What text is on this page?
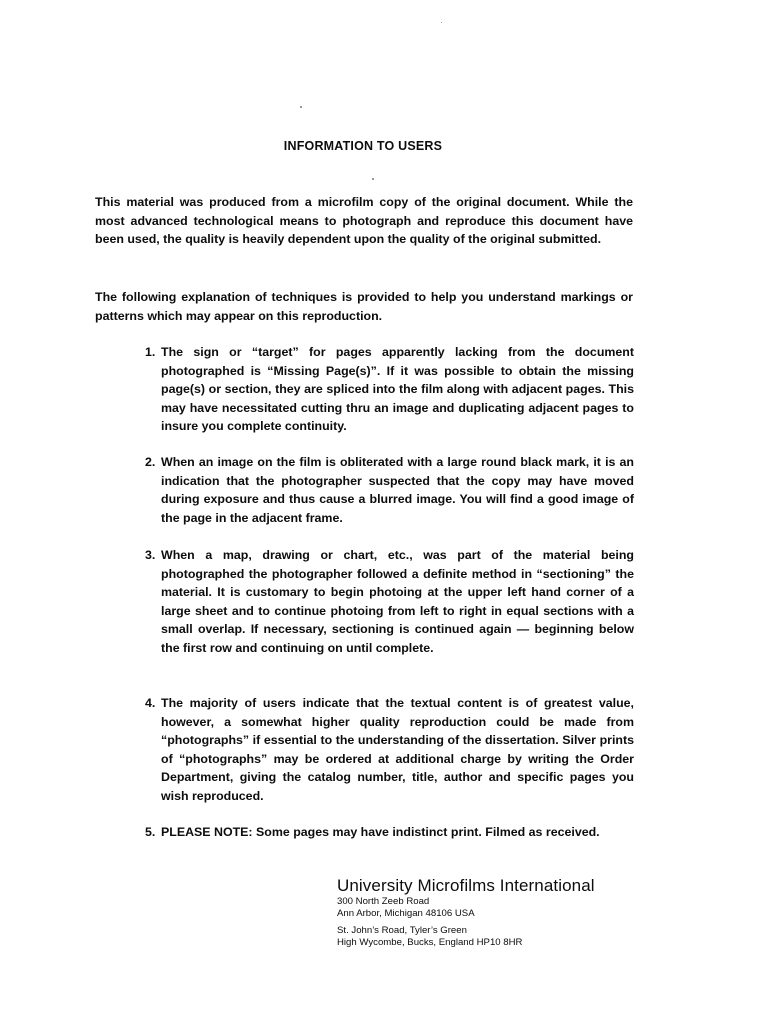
INFORMATION TO USERS

This material was produced from a microfilm copy of the original document. While the most advanced technological means to photograph and reproduce this document have been used, the quality is heavily dependent upon the quality of the original submitted.

The following explanation of techniques is provided to help you understand markings or patterns which may appear on this reproduction.

1. The sign or “target” for pages apparently lacking from the document photographed is “Missing Page(s)”. If it was possible to obtain the missing page(s) or section, they are spliced into the film along with adjacent pages. This may have necessitated cutting thru an image and duplicating adjacent pages to insure you complete continuity.
2. When an image on the film is obliterated with a large round black mark, it is an indication that the photographer suspected that the copy may have moved during exposure and thus cause a blurred image. You will find a good image of the page in the adjacent frame.
3. When a map, drawing or chart, etc., was part of the material being photographed the photographer followed a definite method in “sectioning” the material. It is customary to begin photoing at the upper left hand corner of a large sheet and to continue photoing from left to right in equal sections with a small overlap. If necessary, sectioning is continued again — beginning below the first row and continuing on until complete.
4. The majority of users indicate that the textual content is of greatest value, however, a somewhat higher quality reproduction could be made from “photographs” if essential to the understanding of the dissertation. Silver prints of “photographs” may be ordered at additional charge by writing the Order Department, giving the catalog number, title, author and specific pages you wish reproduced.
5. PLEASE NOTE: Some pages may have indistinct print. Filmed as received.
University Microfilms International
300 North Zeeb Road
Ann Arbor, Michigan 48106 USA
St. John’s Road, Tyler’s Green
High Wycombe, Bucks, England HP10 8HR
